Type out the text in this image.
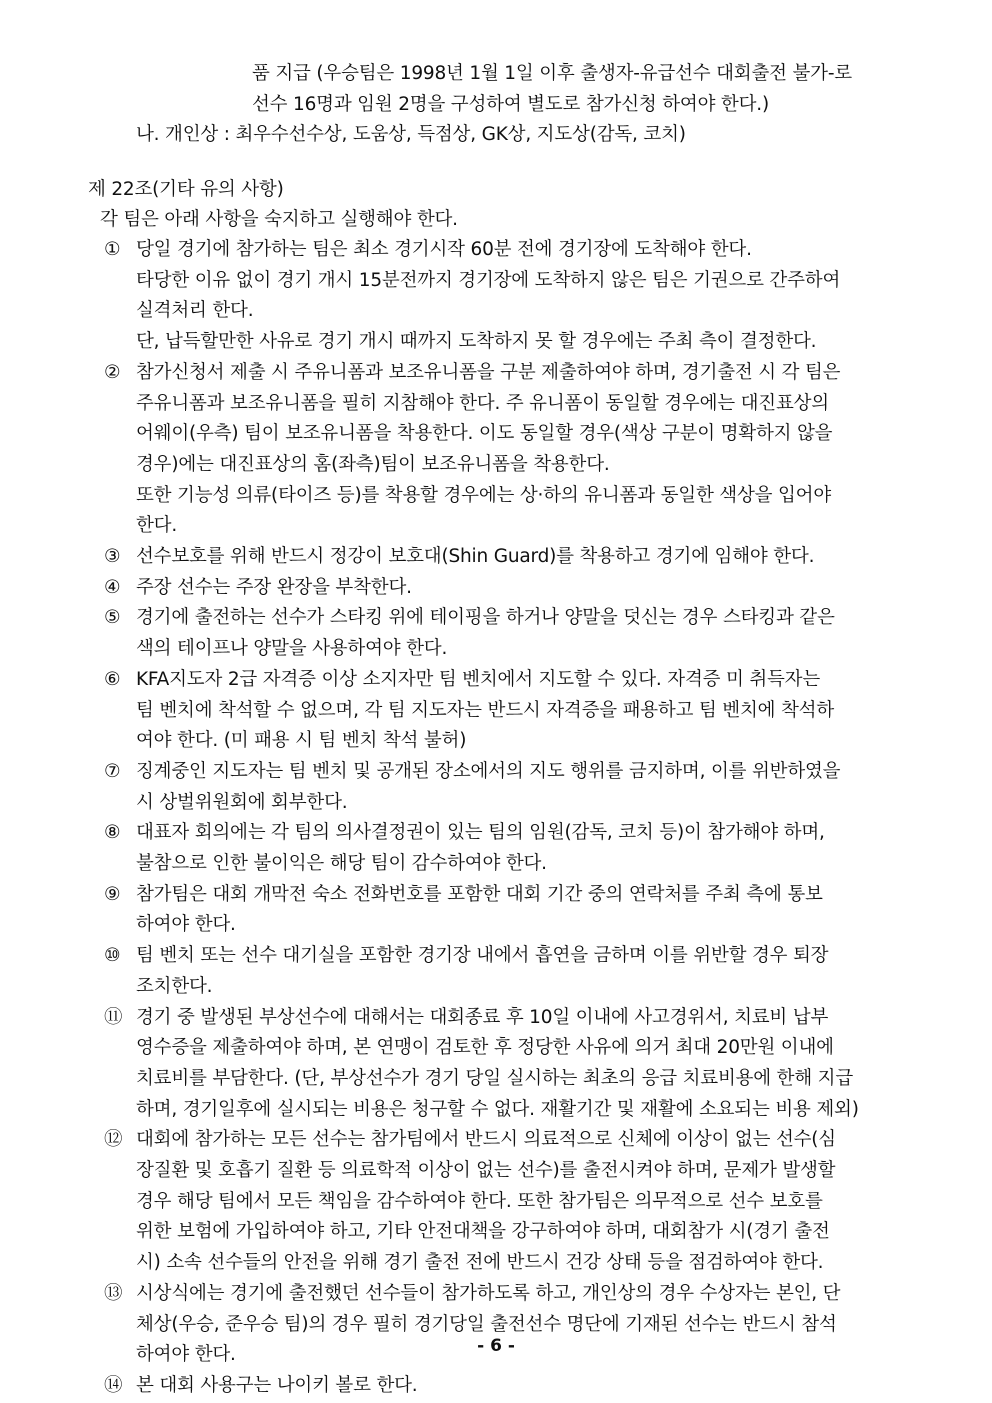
품 지급 (우승팀은 1998년 1월 1일 이후 출생자-유급선수 대회출전 불가-로
선수 16명과 임원 2명을 구성하여 별도로 참가신청 하여야 한다.)
나. 개인상 : 최우수선수상, 도움상, 득점상, GK상, 지도상(감독, 코치)
제 22조(기타 유의 사항)
각 팀은 아래 사항을 숙지하고 실행해야 한다.
① 당일 경기에 참가하는 팀은 최소 경기시작 60분 전에 경기장에 도착해야 한다.
타당한 이유 없이 경기 개시 15분전까지 경기장에 도착하지 않은 팀은 기권으로 간주하여
실격처리 한다.
단, 납득할만한 사유로 경기 개시 때까지 도착하지 못 할 경우에는 주최 측이 결정한다.
② 참가신청서 제출 시 주유니폼과 보조유니폼을 구분 제출하여야 하며, 경기출전 시 각 팀은
주유니폼과 보조유니폼을 필히 지참해야 한다. 주 유니폼이 동일할 경우에는 대진표상의
어웨이(우측) 팀이 보조유니폼을 착용한다. 이도 동일할 경우(색상 구분이 명확하지 않을
경우)에는 대진표상의 홈(좌측)팀이 보조유니폼을 착용한다.
또한 기능성 의류(타이즈 등)를 착용할 경우에는 상·하의 유니폼과 동일한 색상을 입어야
한다.
③ 선수보호를 위해 반드시 정강이 보호대(Shin Guard)를 착용하고 경기에 임해야 한다.
④ 주장 선수는 주장 완장을 부착한다.
⑤ 경기에 출전하는 선수가 스타킹 위에 테이핑을 하거나 양말을 덧신는 경우 스타킹과 같은
색의 테이프나 양말을 사용하여야 한다.
⑥ KFA지도자 2급 자격증 이상 소지자만 팀 벤치에서 지도할 수 있다. 자격증 미 취득자는
팀 벤치에 착석할 수 없으며, 각 팀 지도자는 반드시 자격증을 패용하고 팀 벤치에 착석하
여야 한다. (미 패용 시 팀 벤치 착석 불허)
⑦ 징계중인 지도자는 팀 벤치 및 공개된 장소에서의 지도 행위를 금지하며, 이를 위반하였을
시 상벌위원회에 회부한다.
⑧ 대표자 회의에는 각 팀의 의사결정권이 있는 팀의 임원(감독, 코치 등)이 참가해야 하며,
불참으로 인한 불이익은 해당 팀이 감수하여야 한다.
⑨ 참가팀은 대회 개막전 숙소 전화번호를 포함한 대회 기간 중의 연락처를 주최 측에 통보
하여야 한다.
⑩ 팀 벤치 또는 선수 대기실을 포함한 경기장 내에서 흡연을 금하며 이를 위반할 경우 퇴장
조치한다.
⑪ 경기 중 발생된 부상선수에 대해서는 대회종료 후 10일 이내에 사고경위서, 치료비 납부
영수증을 제출하여야 하며, 본 연맹이 검토한 후 정당한 사유에 의거 최대 20만원 이내에
치료비를 부담한다. (단, 부상선수가 경기 당일 실시하는 최초의 응급 치료비용에 한해 지급
하며, 경기일후에 실시되는 비용은 청구할 수 없다. 재활기간 및 재활에 소요되는 비용 제외)
⑫ 대회에 참가하는 모든 선수는 참가팀에서 반드시 의료적으로 신체에 이상이 없는 선수(심
장질환 및 호흡기 질환 등 의료학적 이상이 없는 선수)를 출전시켜야 하며, 문제가 발생할
경우 해당 팀에서 모든 책임을 감수하여야 한다. 또한 참가팀은 의무적으로 선수 보호를
위한 보험에 가입하여야 하고, 기타 안전대책을 강구하여야 하며, 대회참가 시(경기 출전
시) 소속 선수들의 안전을 위해 경기 출전 전에 반드시 건강 상태 등을 점검하여야 한다.
⑬ 시상식에는 경기에 출전했던 선수들이 참가하도록 하고, 개인상의 경우 수상자는 본인, 단
체상(우승, 준우승 팀)의 경우 필히 경기당일 출전선수 명단에 기재된 선수는 반드시 참석
하여야 한다.
⑭ 본 대회 사용구는 나이키 볼로 한다.
- 6 -
